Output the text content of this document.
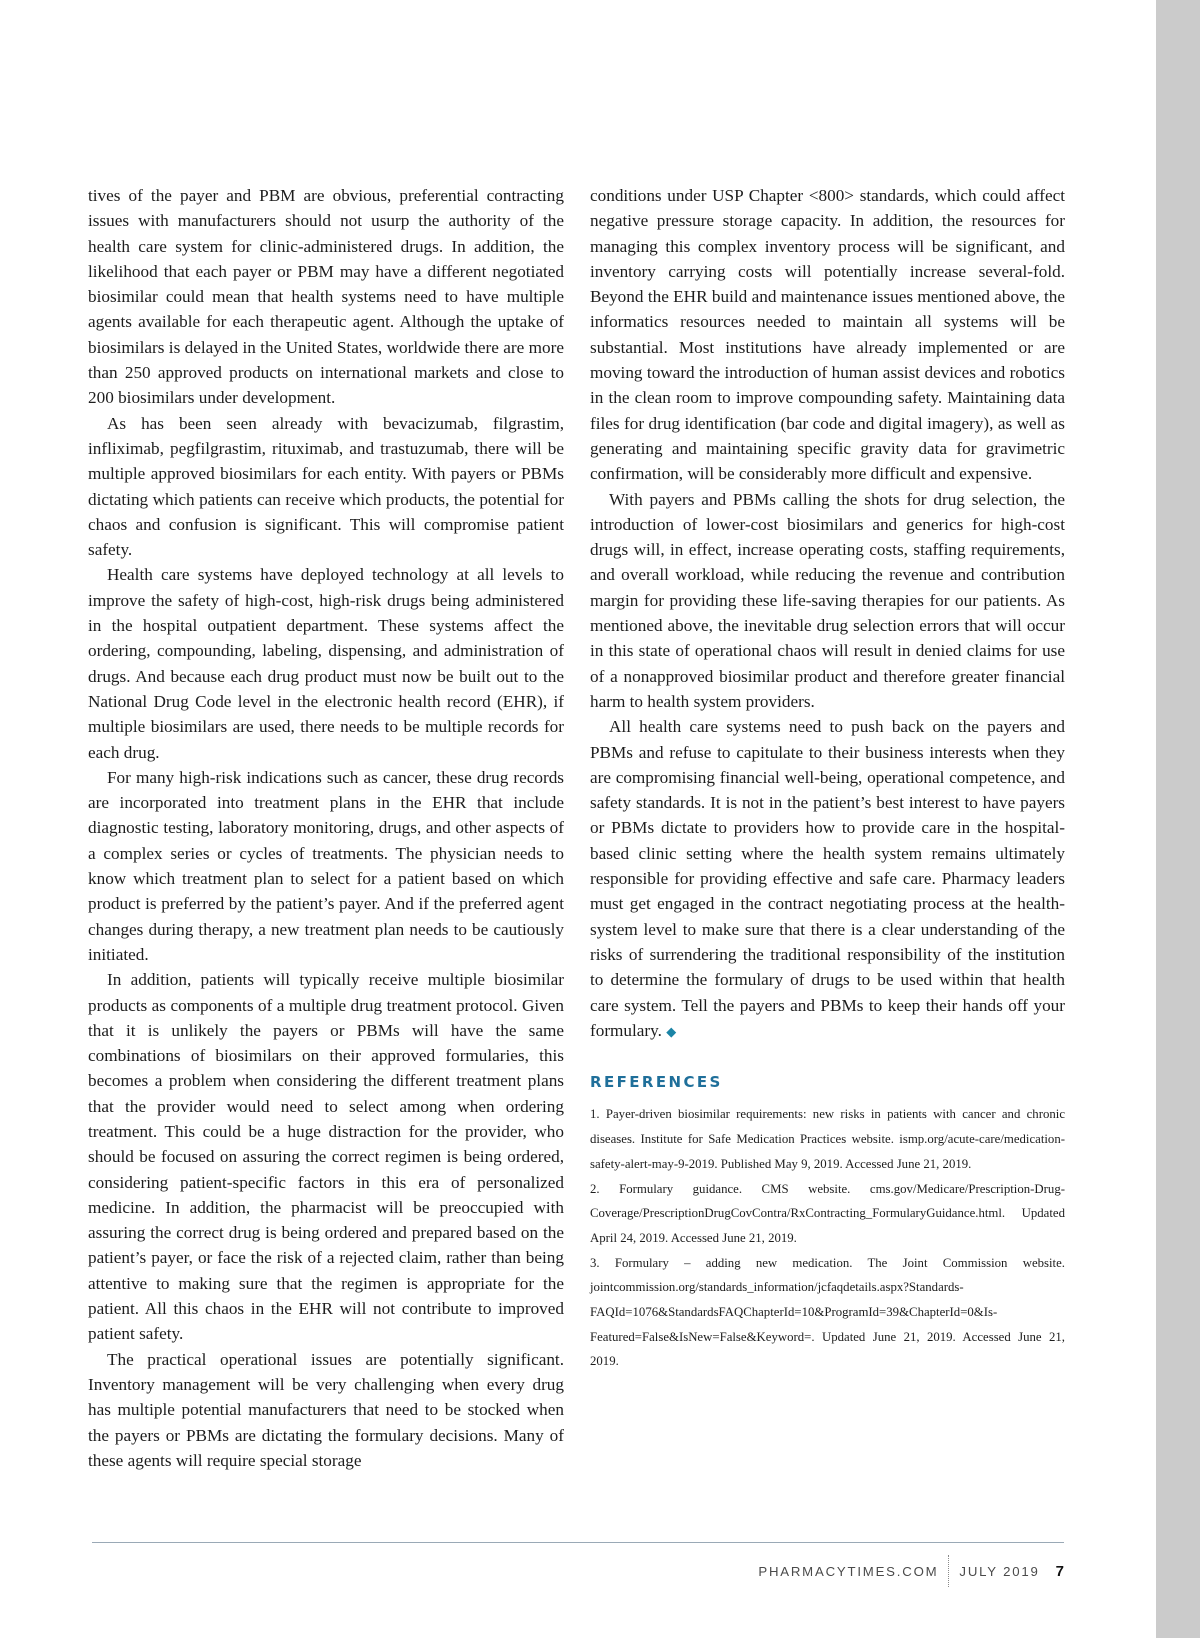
tives of the payer and PBM are obvious, preferential contracting issues with manufacturers should not usurp the authority of the health care system for clinic-administered drugs. In addition, the likelihood that each payer or PBM may have a different negotiated biosimilar could mean that health systems need to have multiple agents available for each therapeutic agent. Although the uptake of biosimilars is delayed in the United States, worldwide there are more than 250 approved products on international markets and close to 200 biosimilars under development.

As has been seen already with bevacizumab, filgrastim, infliximab, pegfilgrastim, rituximab, and trastuzumab, there will be multiple approved biosimilars for each entity. With payers or PBMs dictating which patients can receive which products, the potential for chaos and confusion is significant. This will compromise patient safety.

Health care systems have deployed technology at all levels to improve the safety of high-cost, high-risk drugs being administered in the hospital outpatient department. These systems affect the ordering, compounding, labeling, dispensing, and administration of drugs. And because each drug product must now be built out to the National Drug Code level in the electronic health record (EHR), if multiple biosimilars are used, there needs to be multiple records for each drug.

For many high-risk indications such as cancer, these drug records are incorporated into treatment plans in the EHR that include diagnostic testing, laboratory monitoring, drugs, and other aspects of a complex series or cycles of treatments. The physician needs to know which treatment plan to select for a patient based on which product is preferred by the patient’s payer. And if the preferred agent changes during therapy, a new treatment plan needs to be cautiously initiated.

In addition, patients will typically receive multiple biosimilar products as components of a multiple drug treatment protocol. Given that it is unlikely the payers or PBMs will have the same combinations of biosimilars on their approved formularies, this becomes a problem when considering the different treatment plans that the provider would need to select among when ordering treatment. This could be a huge distraction for the provider, who should be focused on assuring the correct regimen is being ordered, considering patient-specific factors in this era of personalized medicine. In addition, the pharmacist will be preoccupied with assuring the correct drug is being ordered and prepared based on the patient’s payer, or face the risk of a rejected claim, rather than being attentive to making sure that the regimen is appropriate for the patient. All this chaos in the EHR will not contribute to improved patient safety.

The practical operational issues are potentially significant. Inventory management will be very challenging when every drug has multiple potential manufacturers that need to be stocked when the payers or PBMs are dictating the formulary decisions. Many of these agents will require special storage

conditions under USP Chapter <800> standards, which could affect negative pressure storage capacity. In addition, the resources for managing this complex inventory process will be significant, and inventory carrying costs will potentially increase several-fold. Beyond the EHR build and maintenance issues mentioned above, the informatics resources needed to maintain all systems will be substantial. Most institutions have already implemented or are moving toward the introduction of human assist devices and robotics in the clean room to improve compounding safety. Maintaining data files for drug identification (bar code and digital imagery), as well as generating and maintaining specific gravity data for gravimetric confirmation, will be considerably more difficult and expensive.

With payers and PBMs calling the shots for drug selection, the introduction of lower-cost biosimilars and generics for high-cost drugs will, in effect, increase operating costs, staffing requirements, and overall workload, while reducing the revenue and contribution margin for providing these life-saving therapies for our patients. As mentioned above, the inevitable drug selection errors that will occur in this state of operational chaos will result in denied claims for use of a nonapproved biosimilar product and therefore greater financial harm to health system providers.

All health care systems need to push back on the payers and PBMs and refuse to capitulate to their business interests when they are compromising financial well-being, operational competence, and safety standards. It is not in the patient’s best interest to have payers or PBMs dictate to providers how to provide care in the hospital-based clinic setting where the health system remains ultimately responsible for providing effective and safe care. Pharmacy leaders must get engaged in the contract negotiating process at the health-system level to make sure that there is a clear understanding of the risks of surrendering the traditional responsibility of the institution to determine the formulary of drugs to be used within that health care system. Tell the payers and PBMs to keep their hands off your formulary. ◆

REFERENCES
1. Payer-driven biosimilar requirements: new risks in patients with cancer and chronic diseases. Institute for Safe Medication Practices website. ismp.org/acute-care/medication-safety-alert-may-9-2019. Published May 9, 2019. Accessed June 21, 2019.
2. Formulary guidance. CMS website. cms.gov/Medicare/Prescription-Drug-Coverage/PrescriptionDrugCovContra/RxContracting_FormularyGuidance.html. Updated April 24, 2019. Accessed June 21, 2019.
3. Formulary – adding new medication. The Joint Commission website. jointcommission.org/standards_information/jcfaqdetails.aspx?StandardsFAQId=1076&StandardsFAQChapterId=10&ProgramId=39&ChapterId=0&IsFeatured=False&IsNew=False&Keyword=. Updated June 21, 2019. Accessed June 21, 2019.
PHARMACYTIMES.COM JULY 2019 7
